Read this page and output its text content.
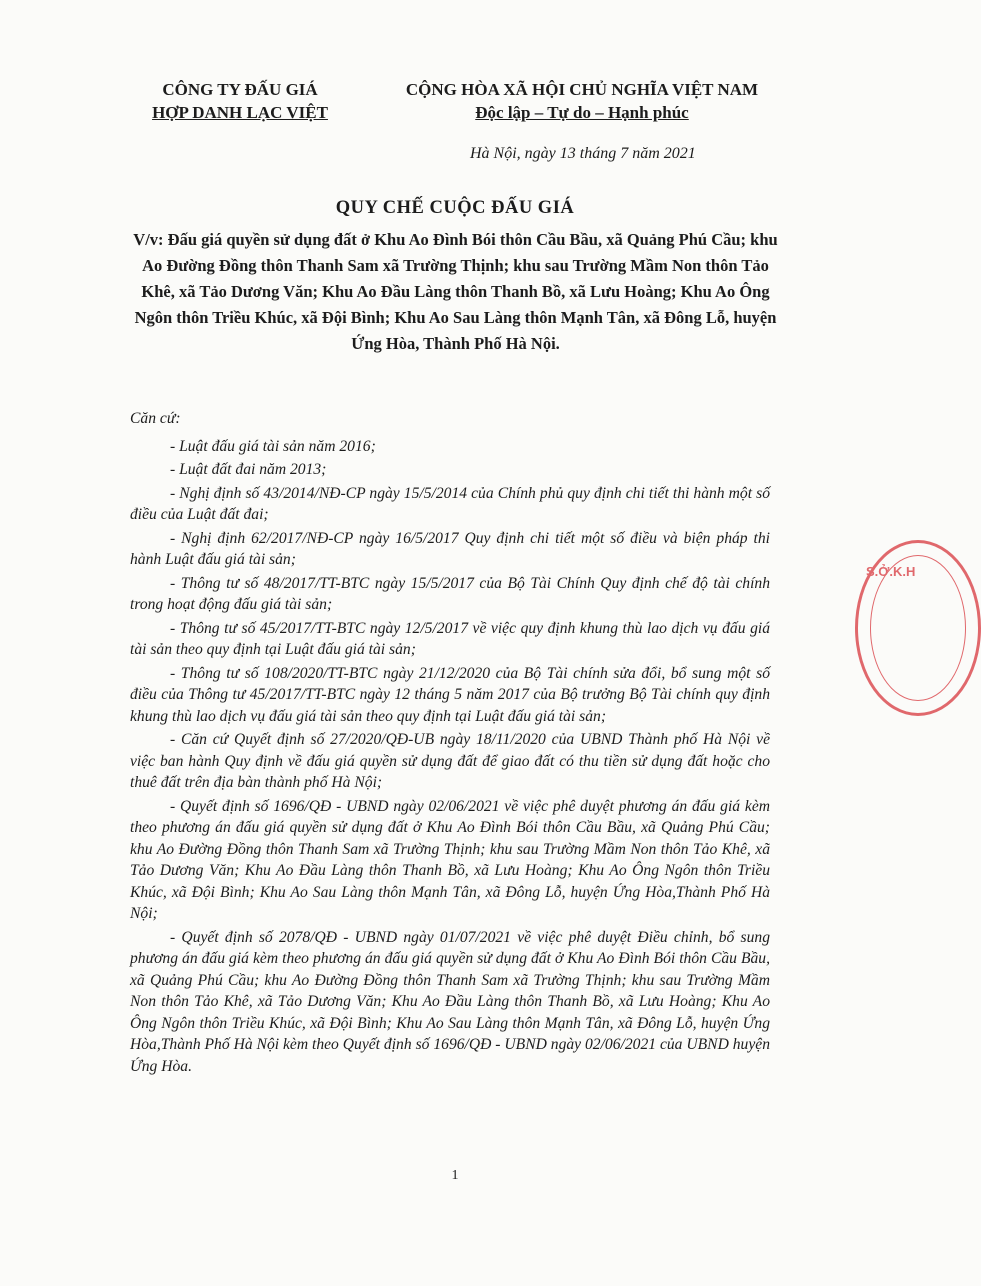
CÔNG TY ĐẤU GIÁ
HỢP DANH LẠC VIỆT
CỘNG HÒA XÃ HỘI CHỦ NGHĨA VIỆT NAM
Độc lập – Tự do – Hạnh phúc
Hà Nội, ngày 13 tháng 7 năm 2021
QUY CHẾ CUỘC ĐẤU GIÁ
V/v: Đấu giá quyền sử dụng đất ở Khu Ao Đình Bói thôn Cầu Bầu, xã Quảng Phú Cầu; khu Ao Đường Đồng thôn Thanh Sam xã Trường Thịnh; khu sau Trường Mầm Non thôn Tảo Khê, xã Tảo Dương Văn; Khu Ao Đầu Làng thôn Thanh Bồ, xã Lưu Hoàng; Khu Ao Ông Ngôn thôn Triều Khúc, xã Đội Bình; Khu Ao Sau Làng thôn Mạnh Tân, xã Đông Lỗ, huyện Ứng Hòa, Thành Phố Hà Nội.

Căn cứ:

- Luật đấu giá tài sản năm 2016;

- Luật đất đai năm 2013;

- Nghị định số 43/2014/NĐ-CP ngày 15/5/2014 của Chính phủ quy định chi tiết thi hành một số điều của Luật đất đai;

- Nghị định 62/2017/NĐ-CP ngày 16/5/2017 Quy định chi tiết một số điều và biện pháp thi hành Luật đấu giá tài sản;

- Thông tư số 48/2017/TT-BTC ngày 15/5/2017 của Bộ Tài Chính Quy định chế độ tài chính trong hoạt động đấu giá tài sản;

- Thông tư số 45/2017/TT-BTC ngày 12/5/2017 về việc quy định khung thù lao dịch vụ đấu giá tài sản theo quy định tại Luật đấu giá tài sản;

- Thông tư số 108/2020/TT-BTC ngày 21/12/2020 của Bộ Tài chính sửa đổi, bổ sung một số điều của Thông tư 45/2017/TT-BTC ngày 12 tháng 5 năm 2017 của Bộ trưởng Bộ Tài chính quy định khung thù lao dịch vụ đấu giá tài sản theo quy định tại Luật đấu giá tài sản;

- Căn cứ Quyết định số 27/2020/QĐ-UB ngày 18/11/2020 của UBND Thành phố Hà Nội về việc ban hành Quy định về đấu giá quyền sử dụng đất để giao đất có thu tiền sử dụng đất hoặc cho thuê đất trên địa bàn thành phố Hà Nội;

- Quyết định số 1696/QĐ - UBND ngày 02/06/2021 về việc phê duyệt phương án đấu giá kèm theo phương án đấu giá quyền sử dụng đất ở Khu Ao Đình Bói thôn Cầu Bầu, xã Quảng Phú Cầu; khu Ao Đường Đồng thôn Thanh Sam xã Trường Thịnh; khu sau Trường Mầm Non thôn Tảo Khê, xã Tảo Dương Văn; Khu Ao Đầu Làng thôn Thanh Bồ, xã Lưu Hoàng; Khu Ao Ông Ngôn thôn Triều Khúc, xã Đội Bình; Khu Ao Sau Làng thôn Mạnh Tân, xã Đông Lỗ, huyện Ứng Hòa,Thành Phố Hà Nội;

- Quyết định số 2078/QĐ - UBND ngày 01/07/2021 về việc phê duyệt Điều chỉnh, bổ sung phương án đấu giá kèm theo phương án đấu giá quyền sử dụng đất ở Khu Ao Đình Bói thôn Cầu Bầu, xã Quảng Phú Cầu; khu Ao Đường Đồng thôn Thanh Sam xã Trường Thịnh; khu sau Trường Mầm Non thôn Tảo Khê, xã Tảo Dương Văn; Khu Ao Đầu Làng thôn Thanh Bồ, xã Lưu Hoàng; Khu Ao Ông Ngôn thôn Triều Khúc, xã Đội Bình; Khu Ao Sau Làng thôn Mạnh Tân, xã Đông Lỗ, huyện Ứng Hòa,Thành Phố Hà Nội kèm theo Quyết định số 1696/QĐ - UBND ngày 02/06/2021 của UBND huyện Ứng Hòa.

1
S.Ở.K.H
